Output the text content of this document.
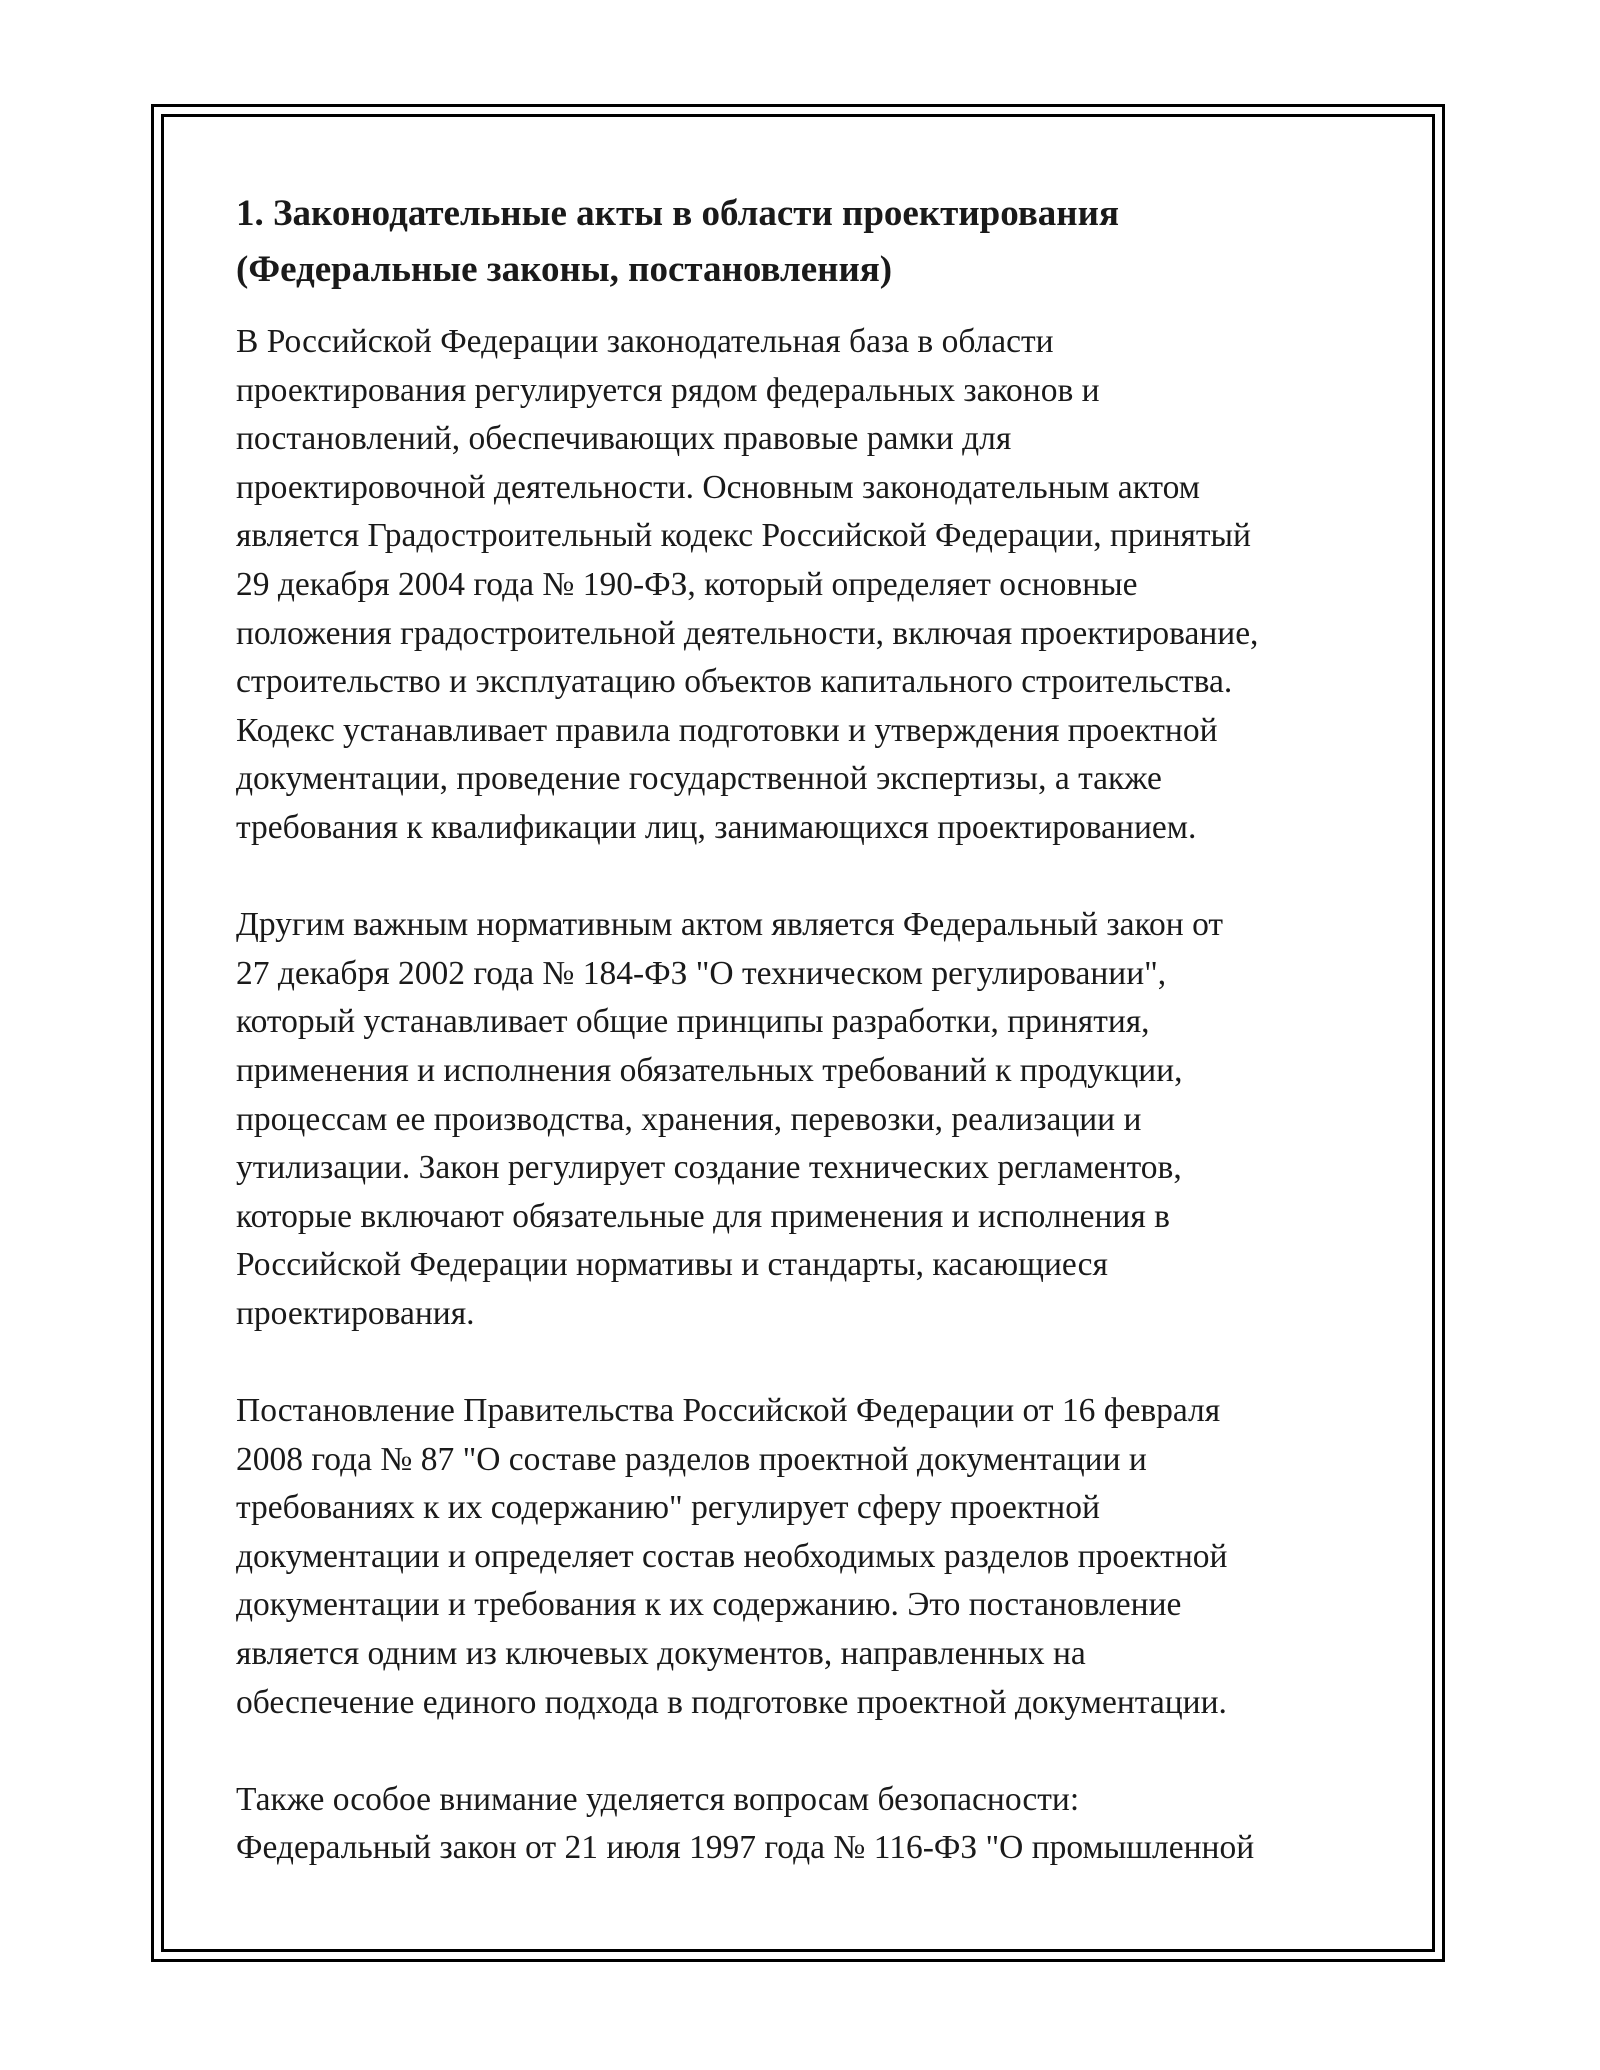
1. Законодательные акты в области проектирования
(Федеральные законы, постановления)

В Российской Федерации законодательная база в области
проектирования регулируется рядом федеральных законов и
постановлений, обеспечивающих правовые рамки для
проектировочной деятельности. Основным законодательным актом
является Градостроительный кодекс Российской Федерации, принятый
29 декабря 2004 года № 190-ФЗ, который определяет основные
положения градостроительной деятельности, включая проектирование,
строительство и эксплуатацию объектов капитального строительства.
Кодекс устанавливает правила подготовки и утверждения проектной
документации, проведение государственной экспертизы, а также
требования к квалификации лиц, занимающихся проектированием.

Другим важным нормативным актом является Федеральный закон от
27 декабря 2002 года № 184-ФЗ "О техническом регулировании",
который устанавливает общие принципы разработки, принятия,
применения и исполнения обязательных требований к продукции,
процессам ее производства, хранения, перевозки, реализации и
утилизации. Закон регулирует создание технических регламентов,
которые включают обязательные для применения и исполнения в
Российской Федерации нормативы и стандарты, касающиеся
проектирования.

Постановление Правительства Российской Федерации от 16 февраля
2008 года № 87 "О составе разделов проектной документации и
требованиях к их содержанию" регулирует сферу проектной
документации и определяет состав необходимых разделов проектной
документации и требования к их содержанию. Это постановление
является одним из ключевых документов, направленных на
обеспечение единого подхода в подготовке проектной документации.

Также особое внимание уделяется вопросам безопасности:
Федеральный закон от 21 июля 1997 года № 116-ФЗ "О промышленной
